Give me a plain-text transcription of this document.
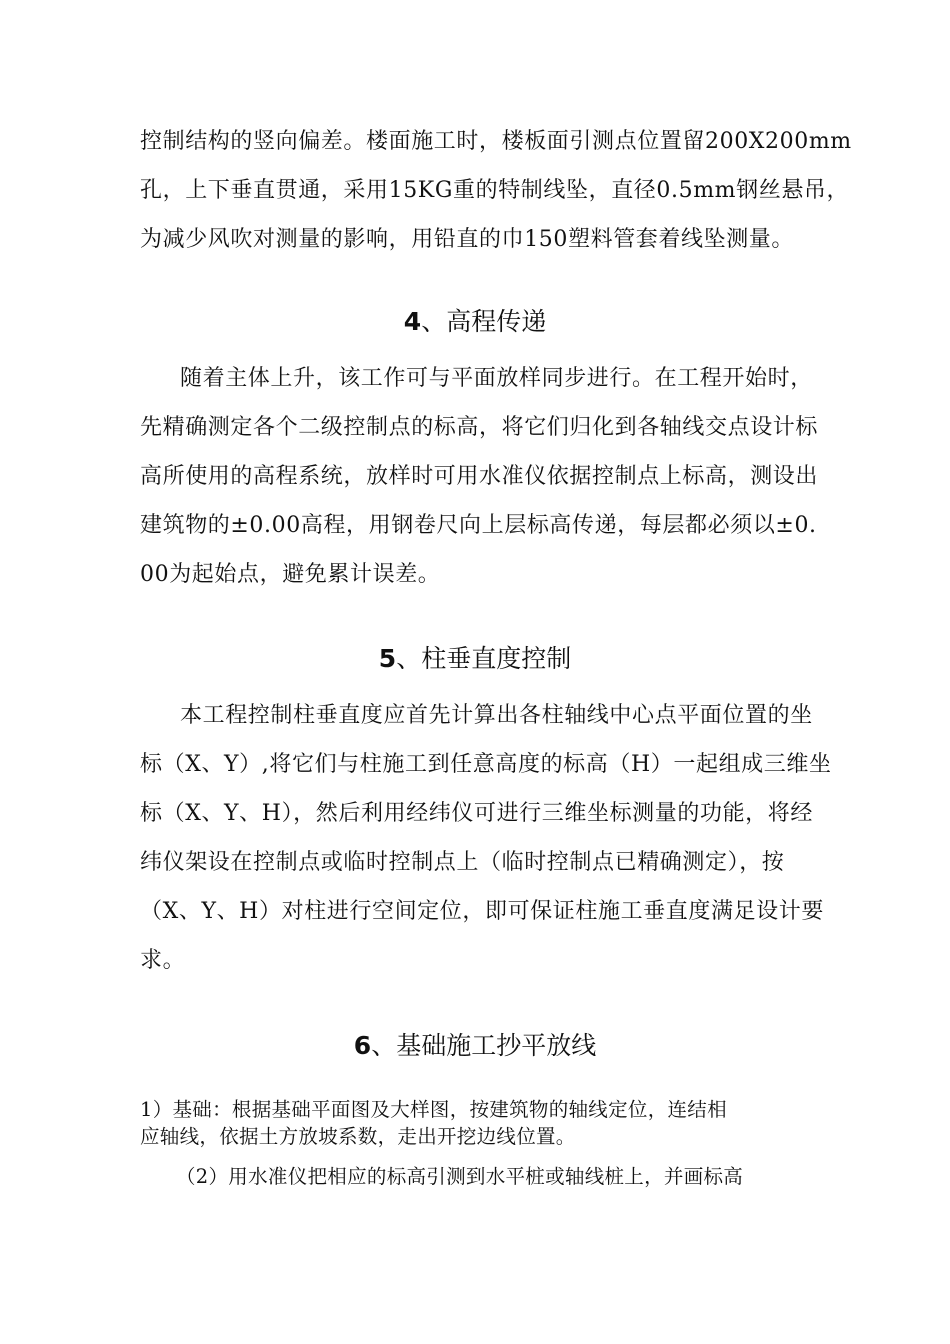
控制结构的竖向偏差。楼面施工时，楼板面引测点位置留200X200mm
孔，上下垂直贯通，采用15KG重的特制线坠，直径0.5mm钢丝悬吊，
为减少风吹对测量的影响，用铅直的巾150塑料管套着线坠测量。
4、高程传递
随着主体上升，该工作可与平面放样同步进行。在工程开始时，
先精确测定各个二级控制点的标高，将它们归化到各轴线交点设计标
高所使用的高程系统，放样时可用水准仪依据控制点上标高，测设出
建筑物的±0.00高程，用钢卷尺向上层标高传递，每层都必须以±0.
00为起始点，避免累计误差。
5、柱垂直度控制
本工程控制柱垂直度应首先计算出各柱轴线中心点平面位置的坐
标（X、Y）,将它们与柱施工到任意高度的标高（H）一起组成三维坐
标（X、Y、H），然后利用经纬仪可进行三维坐标测量的功能，将经
纬仪架设在控制点或临时控制点上（临时控制点已精确测定），按
（X、Y、H）对柱进行空间定位，即可保证柱施工垂直度满足设计要
求。
6、基础施工抄平放线
1）基础：根据基础平面图及大样图，按建筑物的轴线定位，连结相
应轴线，依据土方放坡系数，走出开挖边线位置。
（2）用水准仪把相应的标高引测到水平桩或轴线桩上，并画标高
